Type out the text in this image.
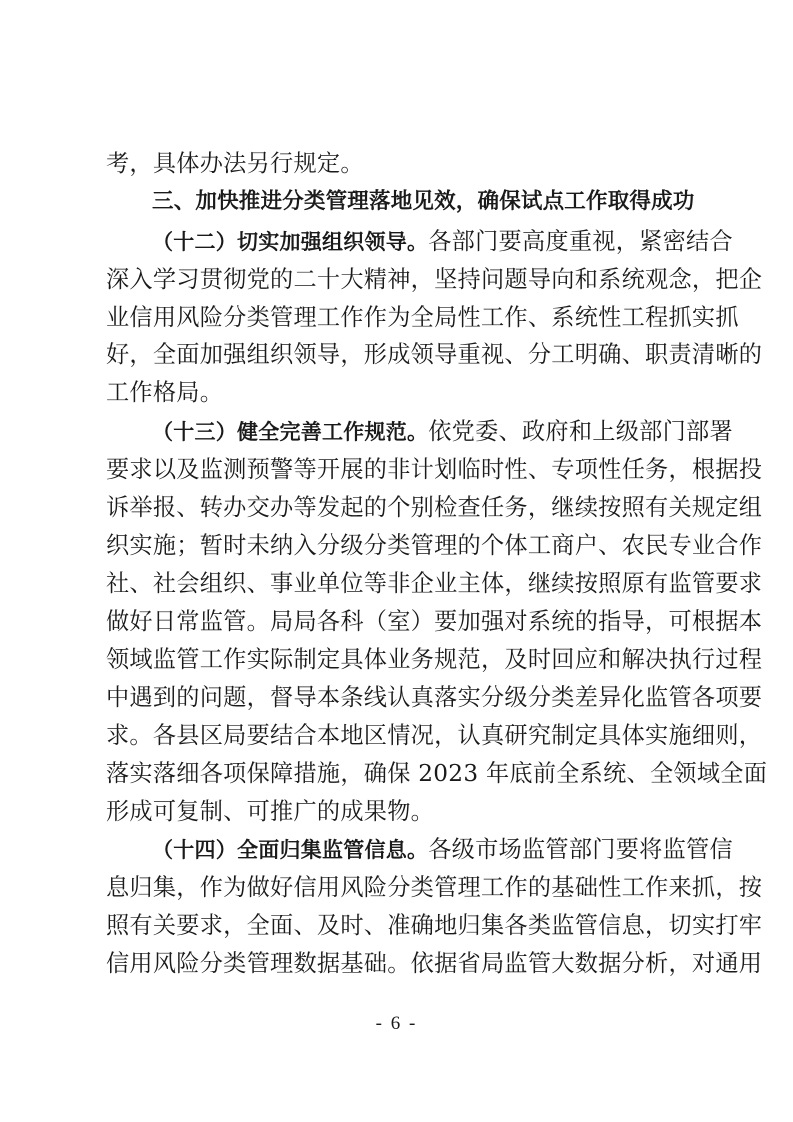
考，具体办法另行规定。
三、加快推进分类管理落地见效，确保试点工作取得成功
（十二）切实加强组织领导。各部门要高度重视，紧密结合
深入学习贯彻党的二十大精神，坚持问题导向和系统观念，把企
业信用风险分类管理工作作为全局性工作、系统性工程抓实抓
好，全面加强组织领导，形成领导重视、分工明确、职责清晰的
工作格局。
（十三）健全完善工作规范。依党委、政府和上级部门部署
要求以及监测预警等开展的非计划临时性、专项性任务，根据投
诉举报、转办交办等发起的个别检查任务，继续按照有关规定组
织实施；暂时未纳入分级分类管理的个体工商户、农民专业合作
社、社会组织、事业单位等非企业主体，继续按照原有监管要求
做好日常监管。局局各科（室）要加强对系统的指导，可根据本
领域监管工作实际制定具体业务规范，及时回应和解决执行过程
中遇到的问题，督导本条线认真落实分级分类差异化监管各项要
求。各县区局要结合本地区情况，认真研究制定具体实施细则，
落实落细各项保障措施，确保 2023 年底前全系统、全领域全面
形成可复制、可推广的成果物。
（十四）全面归集监管信息。各级市场监管部门要将监管信
息归集，作为做好信用风险分类管理工作的基础性工作来抓，按
照有关要求，全面、及时、准确地归集各类监管信息，切实打牢
信用风险分类管理数据基础。依据省局监管大数据分析，对通用
- 6 -
